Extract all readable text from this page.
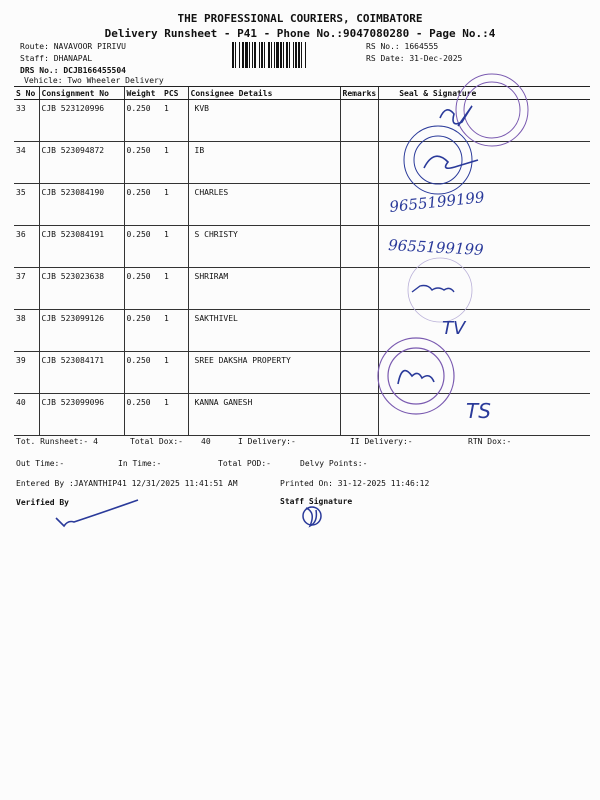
THE PROFESSIONAL COURIERS, COIMBATORE
Delivery Runsheet - P41 - Phone No.:9047080280 - Page No.:4
Route: NAVAVOOR PIRIVU
Staff: DHANAPAL
DRS No.: DCJB166455504
Vehicle: Two Wheeler Delivery
RS No.: 1664555
RS Date: 31-Dec-2025
S No	Consignment No	Weight	PCS	Consignee Details	Remarks	Seal & Signature
33	CJB 523120996	0.250	1	KVB		
34	CJB 523094872	0.250	1	IB		
35	CJB 523084190	0.250	1	CHARLES		
36	CJB 523084191	0.250	1	S CHRISTY		
37	CJB 523023638	0.250	1	SHRIRAM		
38	CJB 523099126	0.250	1	SAKTHIVEL		
39	CJB 523084171	0.250	1	SREE DAKSHA PROPERTY		
40	CJB 523099096	0.250	1	KANNA GANESH		
9655199199
9655199199
TV
TS
Tot. Runsheet:- 4	Total Dox:- 40	I Delivery:-	II Delivery:-	RTN Dox:-
Out Time:-	In Time:-	Total POD:-	Delvy Points:-
Entered By :JAYANTHIP41 12/31/2025 11:41:51 AM	Printed On: 31-12-2025 11:46:12
Verified By	Staff Signature
